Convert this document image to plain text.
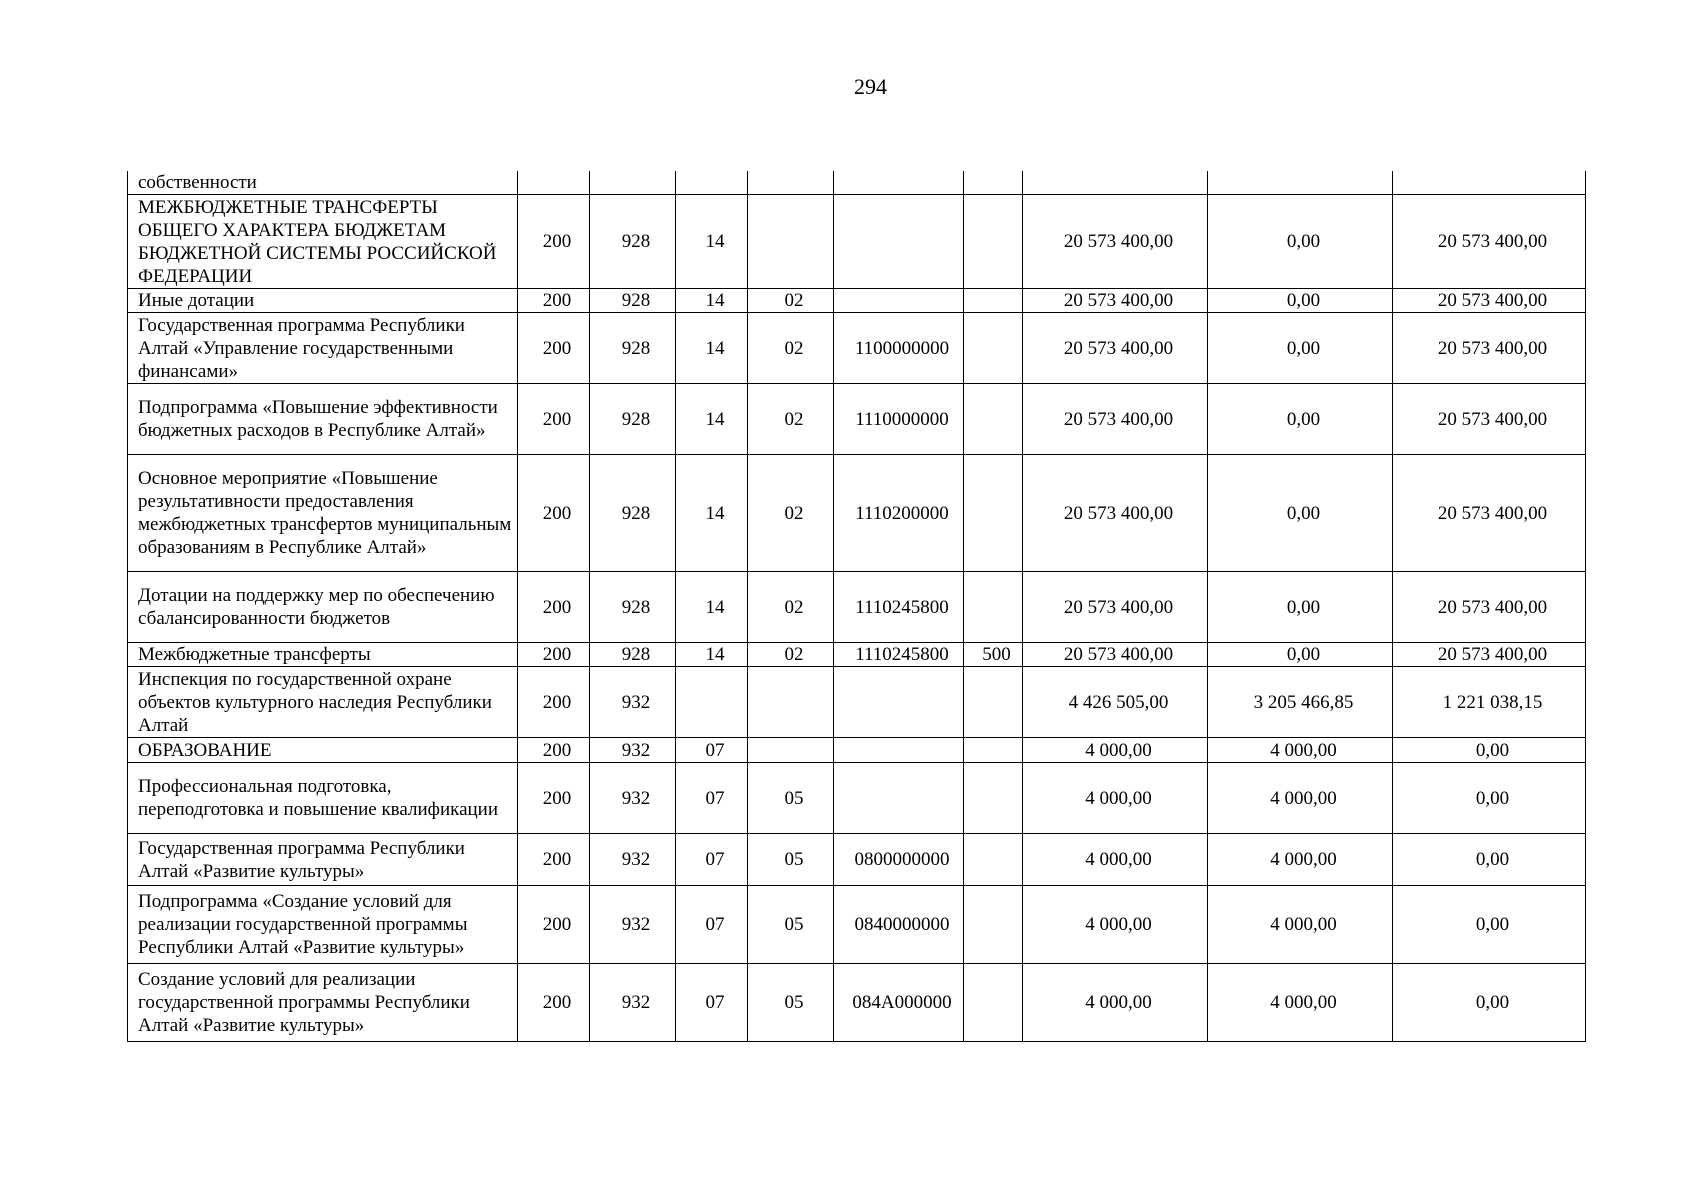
294
собственности									
МЕЖБЮДЖЕТНЫЕ ТРАНСФЕРТЫ ОБЩЕГО ХАРАКТЕРА БЮДЖЕТАМ БЮДЖЕТНОЙ СИСТЕМЫ РОССИЙСКОЙ ФЕДЕРАЦИИ	200	928	14				20 573 400,00	0,00	20 573 400,00
Иные дотации	200	928	14	02			20 573 400,00	0,00	20 573 400,00
Государственная программа Республики Алтай «Управление государственными финансами»	200	928	14	02	1100000000		20 573 400,00	0,00	20 573 400,00
Подпрограмма «Повышение эффективности бюджетных расходов в Республике Алтай»	200	928	14	02	1110000000		20 573 400,00	0,00	20 573 400,00
Основное мероприятие «Повышение результативности предоставления межбюджетных трансфертов муниципальным образованиям в Республике Алтай»	200	928	14	02	1110200000		20 573 400,00	0,00	20 573 400,00
Дотации на поддержку мер по обеспечению сбалансированности бюджетов	200	928	14	02	1110245800		20 573 400,00	0,00	20 573 400,00
Межбюджетные трансферты	200	928	14	02	1110245800	500	20 573 400,00	0,00	20 573 400,00
Инспекция по государственной охране объектов культурного наследия Республики Алтай	200	932					4 426 505,00	3 205 466,85	1 221 038,15
ОБРАЗОВАНИЕ	200	932	07				4 000,00	4 000,00	0,00
Профессиональная подготовка, переподготовка и повышение квалификации	200	932	07	05			4 000,00	4 000,00	0,00
Государственная программа Республики Алтай «Развитие культуры»	200	932	07	05	0800000000		4 000,00	4 000,00	0,00
Подпрограмма «Создание условий для реализации государственной программы Республики Алтай «Развитие культуры»	200	932	07	05	0840000000		4 000,00	4 000,00	0,00
Создание условий для реализации государственной программы Республики Алтай «Развитие культуры»	200	932	07	05	084А000000		4 000,00	4 000,00	0,00
